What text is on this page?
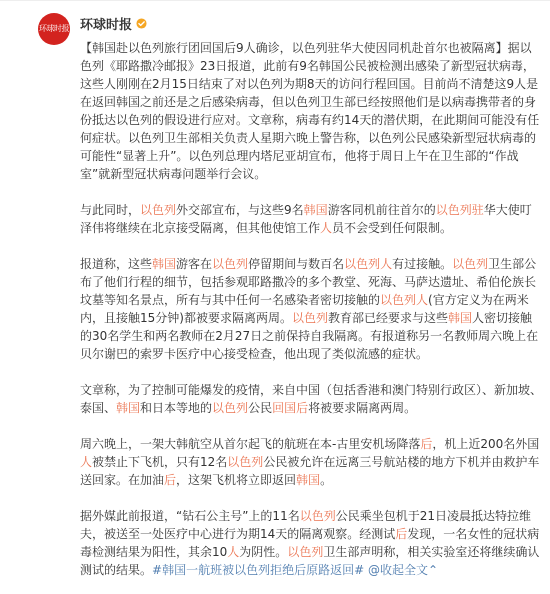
环球时报 环球时报

【韩国赴以色列旅行团回国后9人确诊，以色列驻华大使因同机赴首尔也被隔离】据以色列《耶路撒冷邮报》23日报道，此前有9名韩国公民被检测出感染了新型冠状病毒，这些人刚刚在2月15日结束了对以色列为期8天的访问行程回国。目前尚不清楚这9人是在返回韩国之前还是之后感染病毒，但以色列卫生部已经按照他们是以病毒携带者的身份抵达以色列的假设进行应对。文章称，病毒有约14天的潜伏期，在此期间可能没有任何症状。以色列卫生部相关负责人星期六晚上警告称，以色列公民感染新型冠状病毒的可能性“显著上升”。以色列总理内塔尼亚胡宣布，他将于周日上午在卫生部的“作战室”就新型冠状病毒问题举行会议。

与此同时，以色列外交部宣布，与这些9名韩国游客同机前往首尔的以色列驻华大使叮泽伟将继续在北京接受隔离，但其他使馆工作人员不会受到任何限制。

报道称，这些韩国游客在以色列停留期间与数百名以色列人有过接触。以色列卫生部公布了他们行程的细节，包括参观耶路撒冷的多个教堂、死海、马萨达遗址、希伯伦族长坟墓等知名景点，所有与其中任何一名感染者密切接触的以色列人(官方定义为在两米内，且接触15分钟)都被要求隔离两周。以色列教育部已经要求与这些韩国人密切接触的30名学生和两名教师在2月27日之前保持自我隔离。有报道称另一名教师周六晚上在贝尔谢巴的索罗卡医疗中心接受检查，他出现了类似流感的症状。

文章称，为了控制可能爆发的疫情，来自中国（包括香港和澳门特别行政区）、新加坡、泰国、韩国和日本等地的以色列公民回国后将被要求隔离两周。

周六晚上，一架大韩航空从首尔起飞的航班在本-古里安机场降落后，机上近200名外国人被禁止下飞机，只有12名以色列公民被允许在远离三号航站楼的地方下机并由救护车送回家。在加油后，这架飞机将立即返回韩国。

据外媒此前报道，“钻石公主号”上的11名以色列公民乘坐包机于21日凌晨抵达特拉维夫，被送至一处医疗中心进行为期14天的隔离观察。经测试后发现，一名女性的冠状病毒检测结果为阳性，其余10人为阴性。以色列卫生部声明称，相关实验室还将继续确认测试的结果。#韩国一航班被以色列拒绝后原路返回# @收起全文⌃
